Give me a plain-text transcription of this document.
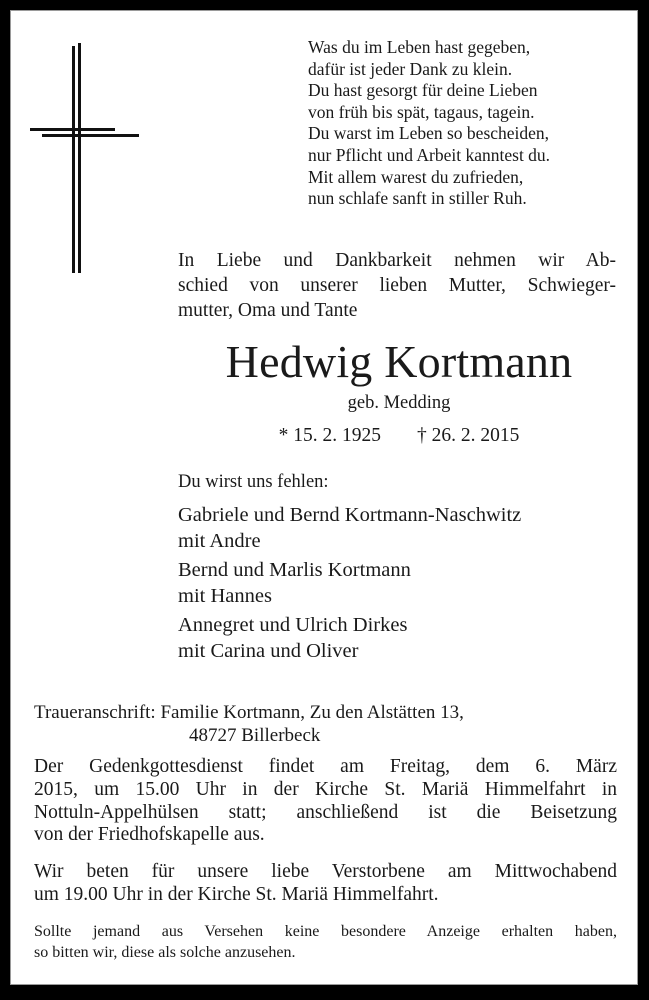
Was du im Leben hast gegeben,
dafür ist jeder Dank zu klein.
Du hast gesorgt für deine Lieben
von früh bis spät, tagaus, tagein.
Du warst im Leben so bescheiden,
nur Pflicht und Arbeit kanntest du.
Mit allem warest du zufrieden,
nun schlafe sanft in stiller Ruh.
In Liebe und Dankbarkeit nehmen wir Ab-
schied von unserer lieben Mutter, Schwieger-
mutter, Oma und Tante
Hedwig Kortmann
geb. Medding
* 15. 2. 1925 † 26. 2. 2015
Du wirst uns fehlen:
Gabriele und Bernd Kortmann-Naschwitz
mit Andre
Bernd und Marlis Kortmann
mit Hannes
Annegret und Ulrich Dirkes
mit Carina und Oliver
Traueranschrift: Familie Kortmann, Zu den Alstätten 13,
48727 Billerbeck
Der Gedenkgottesdienst findet am Freitag, dem 6. März
2015, um 15.00 Uhr in der Kirche St. Mariä Himmelfahrt in
Nottuln-Appelhülsen statt; anschließend ist die Beisetzung
von der Friedhofskapelle aus.
Wir beten für unsere liebe Verstorbene am Mittwochabend
um 19.00 Uhr in der Kirche St. Mariä Himmelfahrt.
Sollte jemand aus Versehen keine besondere Anzeige erhalten haben,
so bitten wir, diese als solche anzusehen.
